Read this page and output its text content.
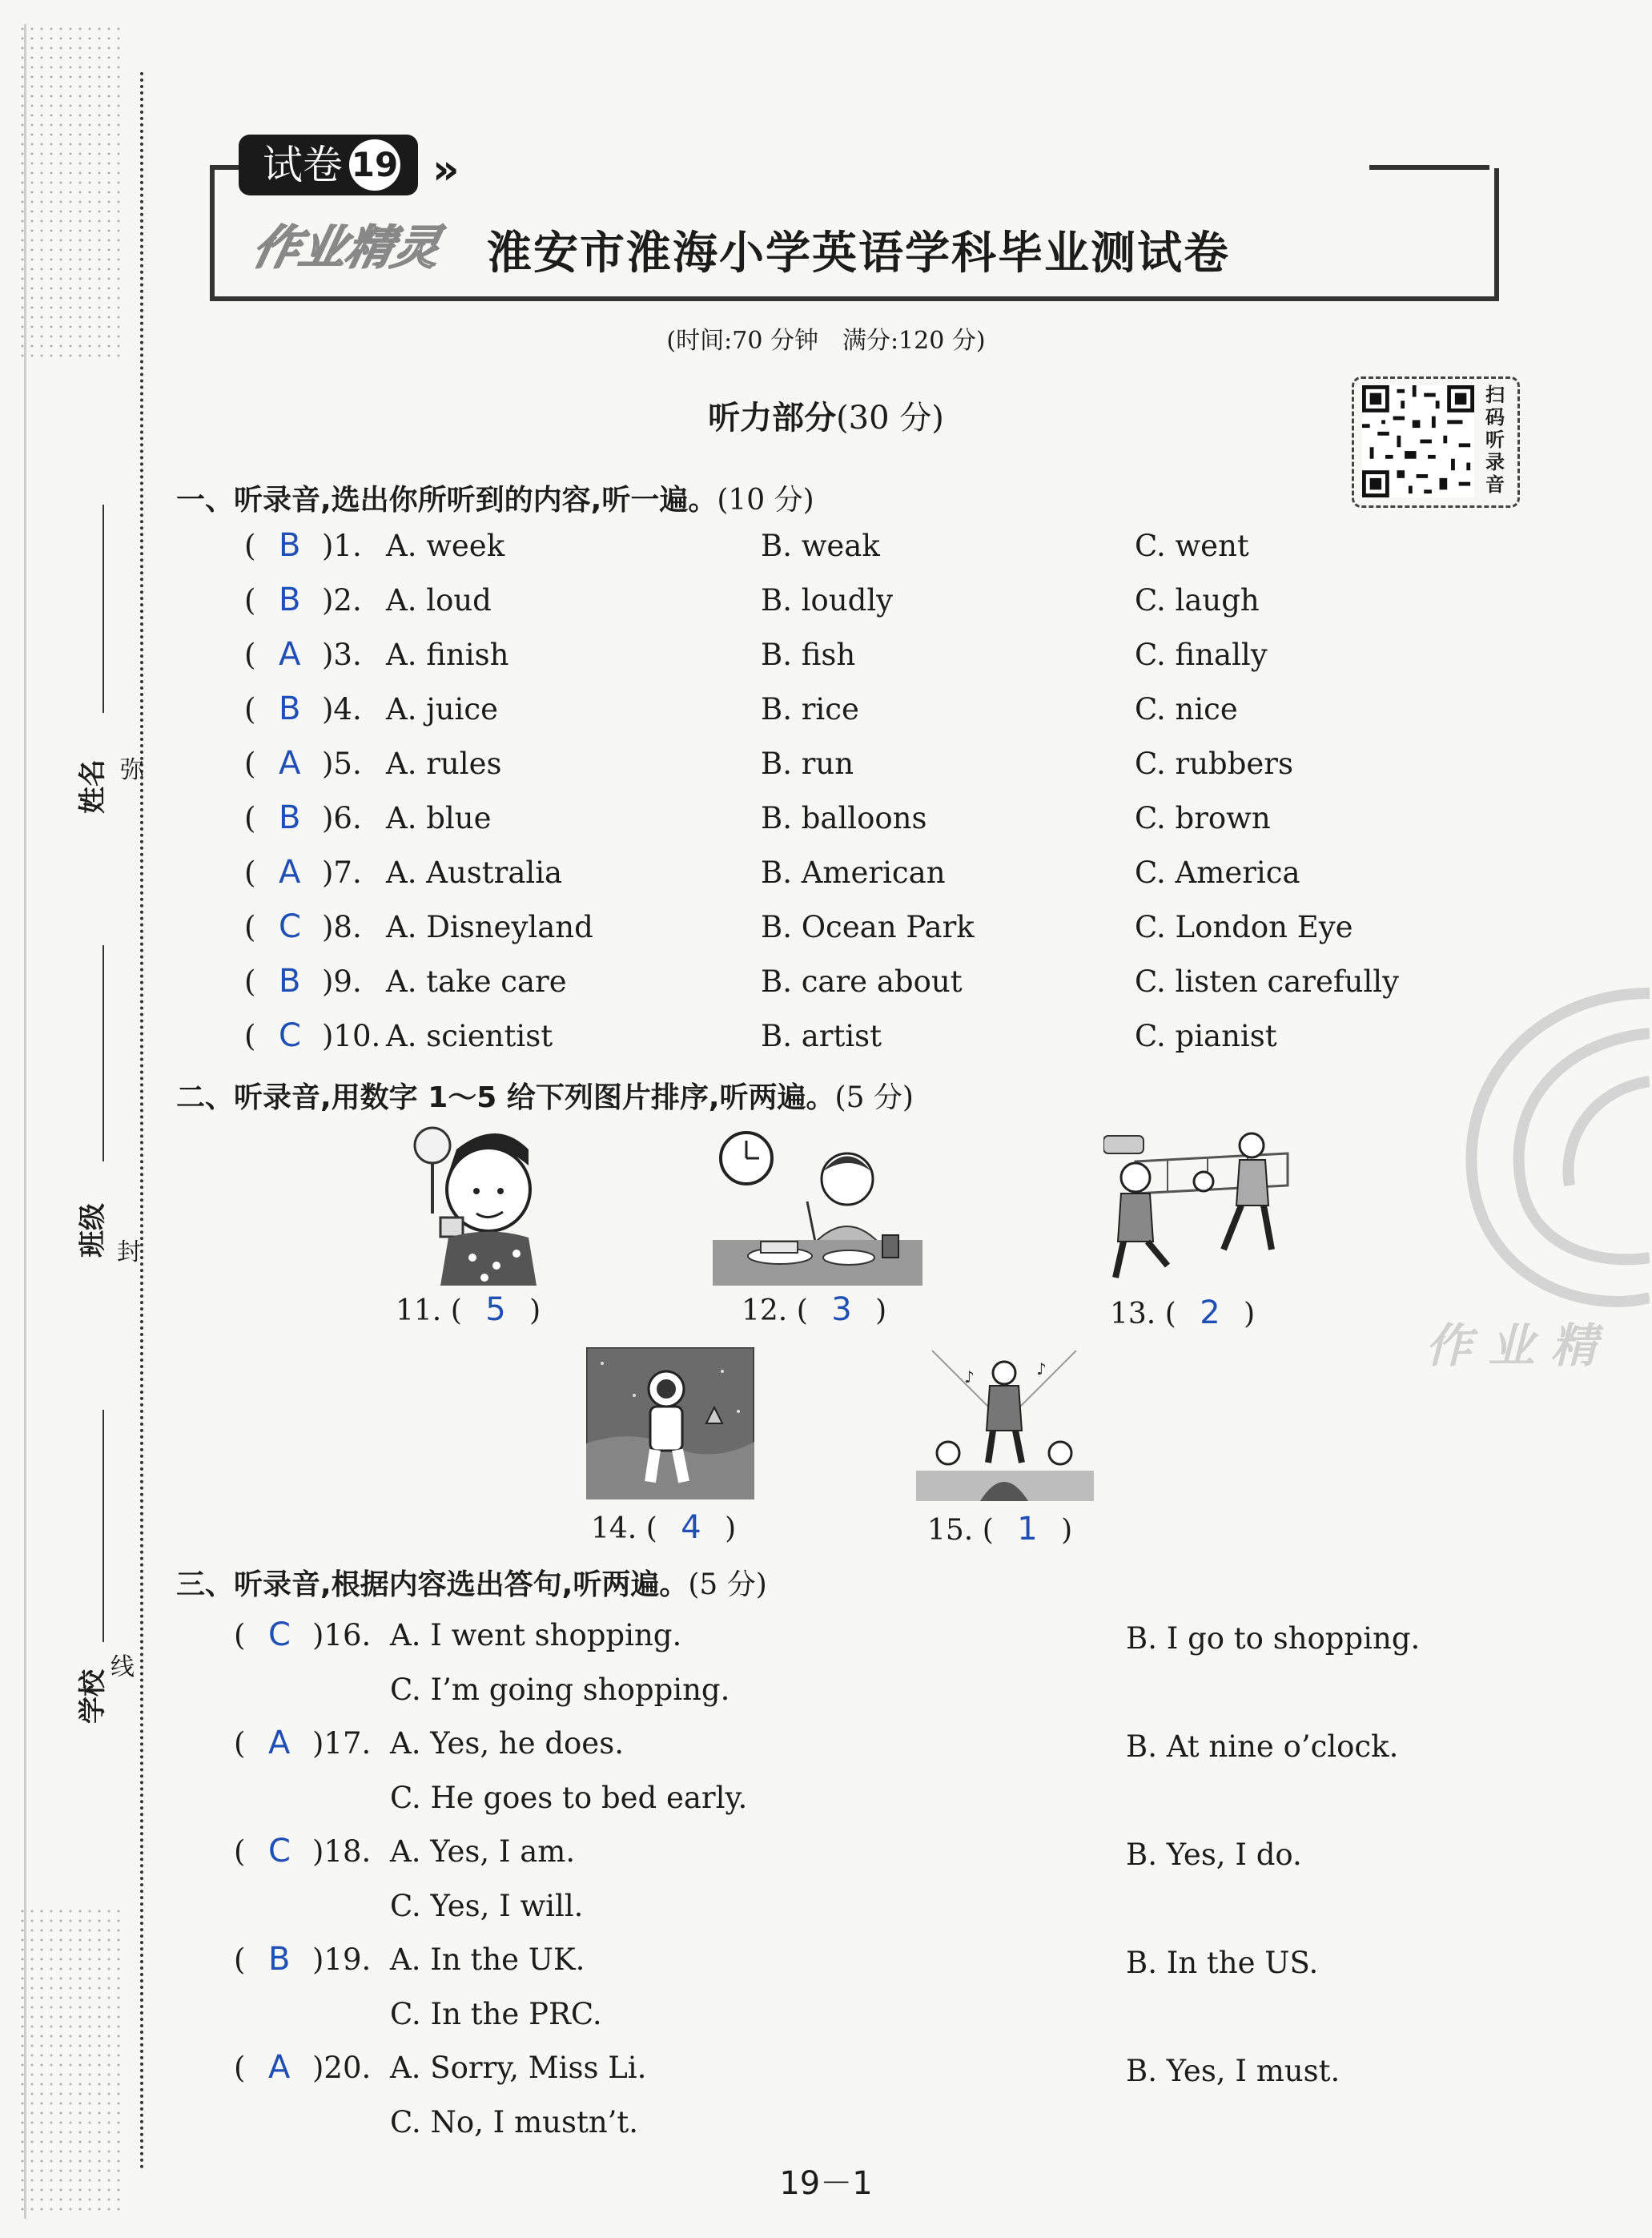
姓名 弥
班级 封
学校
线
试卷 19 »
作业精灵 淮安市淮海小学英语学科毕业测试卷
(时间:70 分钟　满分:120 分)
扫
码
听
录
音
听力部分(30 分)
作 业 精
一、听录音,选出你所听到的内容,听一遍。(10 分)
( B )1. A. week	B. weak	C. went
( B )2. A. loud	B. loudly	C. laugh
( A )3. A. finish	B. fish	C. finally
( B )4. A. juice	B. rice	C. nice
( A )5. A. rules	B. run	C. rubbers
( B )6. A. blue	B. balloons	C. brown
( A )7. A. Australia	B. American	C. America
( C )8. A. Disneyland	B. Ocean Park	C. London Eye
( B )9. A. take care	B. care about	C. listen carefully
( C )10. A. scientist	B. artist	C. pianist
二、听录音,用数字 1～5 给下列图片排序,听两遍。(5 分)
11. ( 5 )	12. ( 3 )	13. ( 2 )
14. ( 4 )
♪
♪
15. ( 1 )
三、听录音,根据内容选出答句,听两遍。(5 分)
( C )16. A. I went shopping.	B. I go to shopping.
C. I’m going shopping.
( A )17. A. Yes, he does.	B. At nine o’clock.
C. He goes to bed early.
( C )18. A. Yes, I am.	B. Yes, I do.
C. Yes, I will.
( B )19. A. In the UK.	B. In the US.
C. In the PRC.
( A )20. A. Sorry, Miss Li.	B. Yes, I must.
C. No, I mustn’t.
19－1
